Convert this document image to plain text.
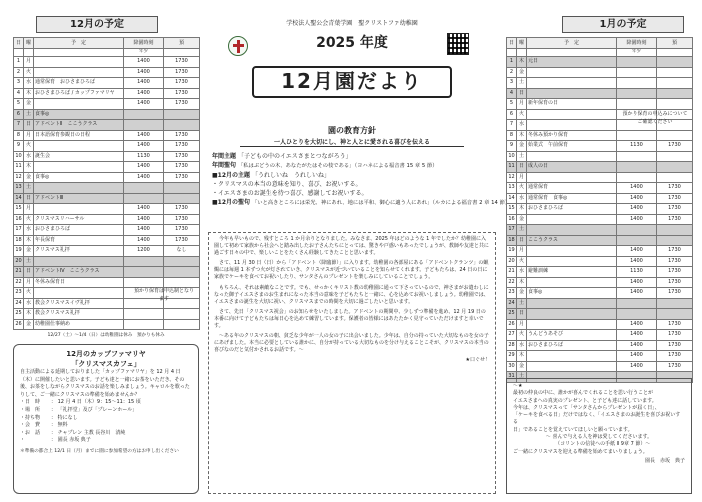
12月の予定
日	曜	予　定	降園時刻	預
			年少	
1	月		1400	1730
2	火		1400	1730
3	水	通常保育　おひさまひろば	1400	1730
4	木	おひさまひろば / カップファマリヤ	1400	1730
5	金		1400	1730
6	土	食事◎		
7	日	アドベントⅡ　ここうクラス		
8	月	日本語保育参観日の日程	1400	1730
9	火		1400	1730
10	水	誕生会	1130	1730
11	木		1400	1730
12	金	食事◎	1400	1730
13	土			
14	日	アドベントⅢ		
15	月		1400	1730
16	火	クリスマスリハーサル	1400	1730
17	水	おひさまひろば	1400	1730
18	木	年長保育	1400	1730
19	金	クリスマス礼拝	1200	なし
20	土			
21	日	アドベントⅣ　ここうクラス		
22	月	冬休み保育日		
23	火			
24	水	教会クリスマスイヴ礼拝		
25	木	教会クリスマス礼拝		
26	金	幼稚園仕事納め		
預かり保育は申込制となります
12/27（土）～1/4（日）は幼稚園は休み　預かりも休み
12月のカップファマリヤ
「クリスマスカフェ」
自主活動による延期しておりました「カップファマリヤ」を 12 月 4 日（木）に開催したいと思います。子ども達と一緒にお茶をいただき、その後、お茶をしながらクリスマスのお話を楽しみましょう。キャロルを歌ったりして、ご一緒にクリスマスの準備を始めませんか？
・日　時 ： 12 月 4 日（木）9：15～11：15 頃
・場　所 ： 「礼拝堂」及び「プレーンホール」
・持ち物 ： 特になし
・会　費 ： 無料
・お　話 ： チャプレン 主教 長谷川　清純
・	： 園長 赤坂 典子
＊準備の都合上 12/1 日（月）までに園に参加希望の方はお申し出ください
学校法人聖公会青葉学園　聖クリストファ幼稚園
2025 年度
12月園だより
園の教育方針
一人ひとりを大切にし、神と人とに愛される喜びを伝える
年間主題 「子どもの中のイエスさまとつながろう」
年間聖句 「私はぶどうの木、あなたがたはその枝である」（ヨハネによる福音書 15 章 5 節）
■12月の主題 「うれしいね　うれしいね」
・クリスマスの本当の意味を知り、喜び、お祝いする。
・イエスさまのお誕生を待つ喜び、感謝してお祝いする。
■12月の聖句 「いと高きところには栄光、神にあれ、地には平和、御心に適う人にあれ」（ルカによる福音書 2 章 14 節）

今年も早いもので、残すところ 1 か月余りとなりました。みなさま、2025 年はどのような 1 年でしたか？幼稚園に入園して初めて家族から社会へと踏み出したお子さんたちにとっては、驚きや戸惑いもあったでしょうが、教師や友達と共に過ごす日々の中で、楽しいことをたくさん経験してきたことと思います。

さて、11 月 30 日（日）から「アドベント（降臨節）」に入ります。幼稚園の各部屋にある「アドベントクランツ」の蝋燭には毎週 1 本ずつ火が灯されていき、クリスマスが近づいていることを知らせてくれます。子どもたちは、24 日の日に家族でケーキを食べてお祝いしたり、サンタさんのプレゼントを楽しみにしていることでしょう。

もちろん、それは素敵なことです。でも、せっかくキリスト教の幼稚園に通って下さっているので、神さまがお遣わしになった御子イエスさまのお生まれになった本当の意味を子どもたちと一緒に、心を込めてお祝いしましょう。幼稚園では、イエスさまの誕生を大切に祝い、クリスマスまでの時間を大切に過ごしたいと思います。

さて、先日「クリスマス祝会」のお知らせをいたしました。アドベントの期間中、少しずつ準備を進め、12 月 19 日の本番に向けて子どもたちは毎日心を込めて練習しています。保護者の皆様にはあたたかく見守っていただけますと幸いです。

～ある年のクリスマスの朝、貧乏な少年が一人の女の子に出会いました。少年は、自分の持っていた大切なものを女の子にあげました。本当に必要としている誰かに、自分が持っている大切なものを分け与えることこそが、クリスマスの本当の喜びなのだと気付かされるお話です。～

★口ぐせ！
1月の予定
日	曜	予　定	降園時刻	預
			年少	
1	木	元日		
2	金			
3	土			
4	日			
5	月	新年保育の日		
6	火			
7	水			
8	木	冬休み預かり保育		
9	金	始業式　午前保育	1130	1730
10	土			
11	日	成人の日		
12	月			
13	火	通常保育	1400	1730
14	水	通常保育　食事◎	1400	1730
15	木	おひさまひろば	1400	1730
16	金		1400	1730
17	土			
18	日	ここうクラス		
19	月		1400	1730
20	火		1400	1730
21	水	避難訓練	1130	1730
22	木		1400	1730
23	金	食事◎	1400	1730
24	土			
25	日			
26	月		1400	1730
27	火	うんどうあそび	1400	1730
28	水	おひさまひろば	1400	1730
29	木		1400	1730
30	金		1400	1730
31	土			
預かり保育の申込みについて　ご確認ください
～★

最初の仲良の中に、誰かが喜んでくれることを思い行うことが

イエスさまへの真実のプレゼント、と子ども達に話しています。

今年は、クリスマスって「サンタさんからプレゼントが届く日」、

「ケーキを食べる日」だけではなく、「イエスさまのお誕生を喜びお祝いする

日」であることを覚えていてほしいと願っています。

～ 喜んで与える人を神は愛してくださいます。

　　（コリントの信徒への手紙 Ⅱ 9章 7 節）～

ご一緒にクリスマスを迎える準備を始めてまいりましょう。

園長　赤坂　典子
